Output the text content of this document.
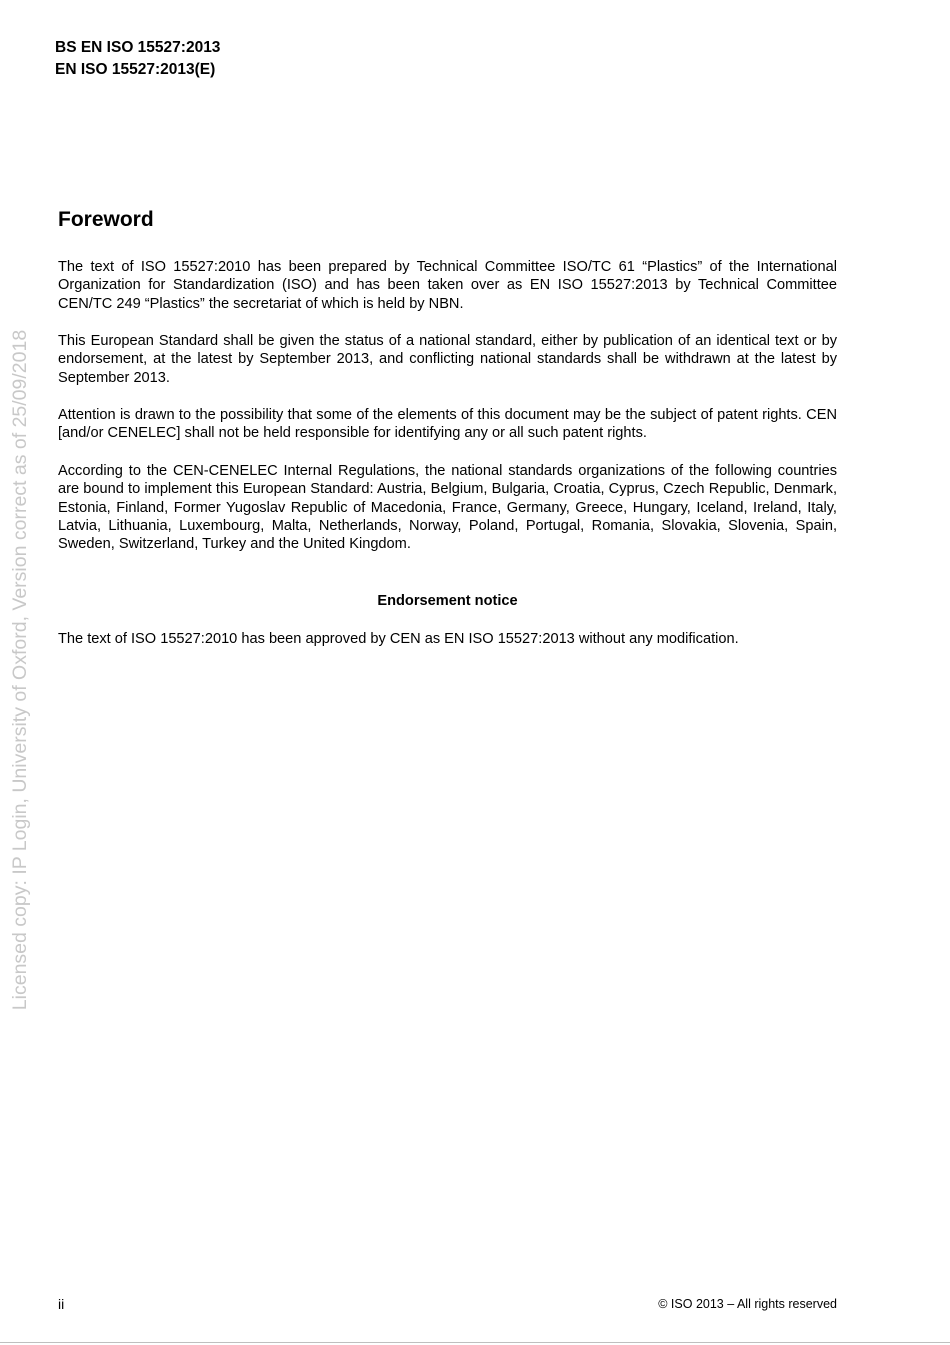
BS EN ISO 15527:2013
EN ISO 15527:2013(E)
Licensed copy: IP Login, University of Oxford, Version correct as of 25/09/2018
Foreword

The text of ISO 15527:2010 has been prepared by Technical Committee ISO/TC 61 “Plastics” of the International Organization for Standardization (ISO) and has been taken over as EN ISO 15527:2013 by Technical Committee CEN/TC 249 “Plastics” the secretariat of which is held by NBN.

This European Standard shall be given the status of a national standard, either by publication of an identical text or by endorsement, at the latest by September 2013, and conflicting national standards shall be withdrawn at the latest by September 2013.

Attention is drawn to the possibility that some of the elements of this document may be the subject of patent rights. CEN [and/or CENELEC] shall not be held responsible for identifying any or all such patent rights.

According to the CEN-CENELEC Internal Regulations, the national standards organizations of the following countries are bound to implement this European Standard: Austria, Belgium, Bulgaria, Croatia, Cyprus, Czech Republic, Denmark, Estonia, Finland, Former Yugoslav Republic of Macedonia, France, Germany, Greece, Hungary, Iceland, Ireland, Italy, Latvia, Lithuania, Luxembourg, Malta, Netherlands, Norway, Poland, Portugal, Romania, Slovakia, Slovenia, Spain, Sweden, Switzerland, Turkey and the United Kingdom.

Endorsement notice

The text of ISO 15527:2010 has been approved by CEN as EN ISO 15527:2013 without any modification.

ii	© ISO 2013 – All rights reserved
